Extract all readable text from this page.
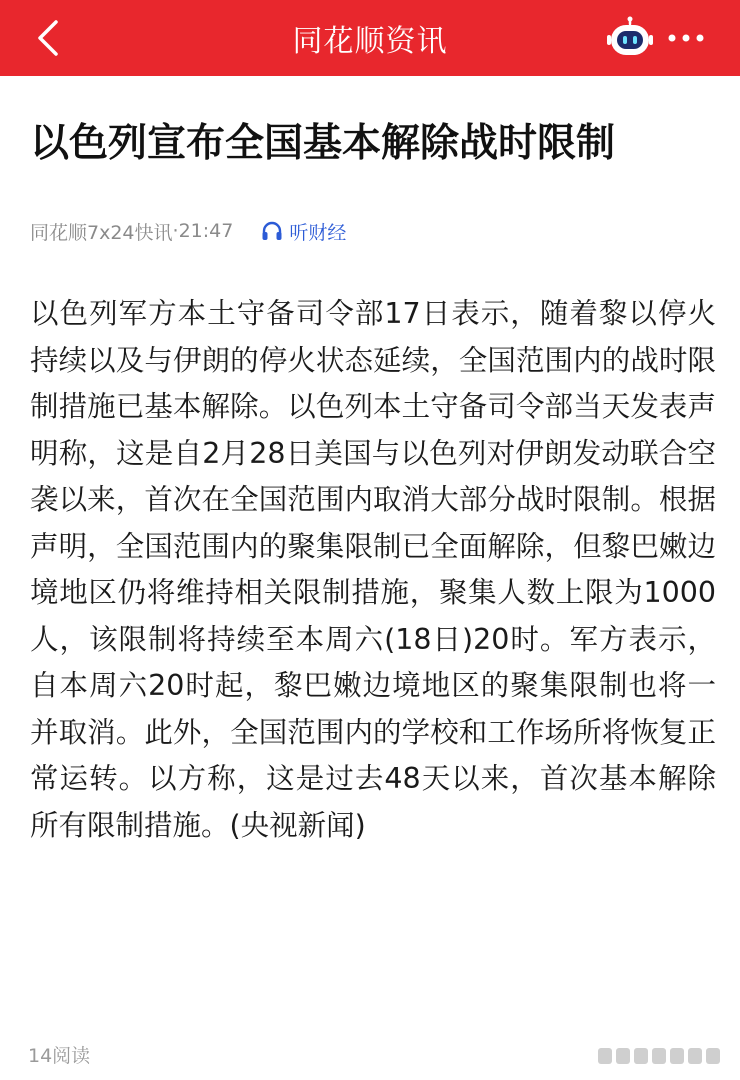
同花顺资讯
以色列宣布全国基本解除战时限制
同花顺7x24快讯 · 21:47	听财经

以色列军方本土守备司令部17日表示，随着黎以停火持续以及与伊朗的停火状态延续，全国范围内的战时限制措施已基本解除。以色列本土守备司令部当天发表声明称，这是自2月28日美国与以色列对伊朗发动联合空袭以来，首次在全国范围内取消大部分战时限制。根据声明，全国范围内的聚集限制已全面解除，但黎巴嫩边境地区仍将维持相关限制措施，聚集人数上限为1000人，该限制将持续至本周六(18日)20时。军方表示，自本周六20时起，黎巴嫩边境地区的聚集限制也将一并取消。此外，全国范围内的学校和工作场所将恢复正常运转。以方称，这是过去48天以来，首次基本解除所有限制措施。(央视新闻)

14阅读
